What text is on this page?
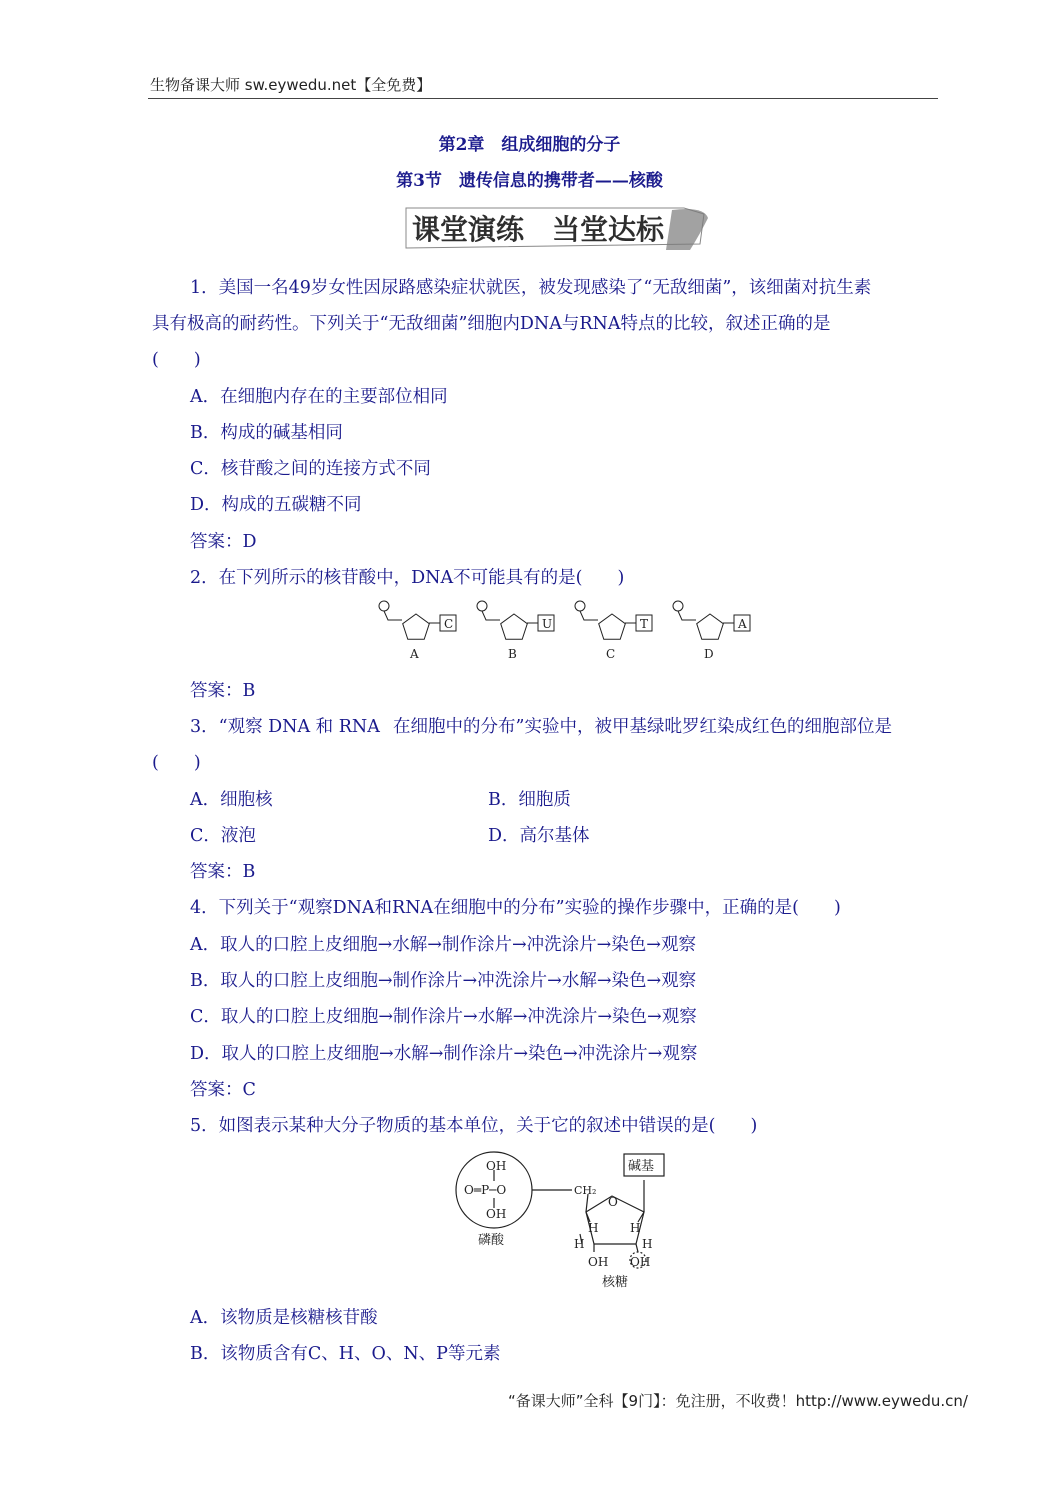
生物备课大师 sw.eywedu.net【全免费】
第2章　组成细胞的分子
第3节　遗传信息的携带者——核酸
课堂演练　当堂达标
1．美国一名49岁女性因尿路感染症状就医，被发现感染了“无敌细菌”，该细菌对抗生素
具有极高的耐药性。下列关于“无敌细菌”细胞内DNA与RNA特点的比较，叙述正确的是
(　　)
A．在细胞内存在的主要部位相同
B．构成的碱基相同
C．核苷酸之间的连接方式不同
D．构成的五碳糖不同
答案：D
2．在下列所示的核苷酸中，DNA不可能具有的是(　　)
C
A
U
B
T
C
A
D
答案：B
3．“观察 DNA 和 RNA 在细胞中的分布”实验中，被甲基绿吡罗红染成红色的细胞部位是
(　　)
A．细胞核	B．细胞质
C．液泡	D．高尔基体
答案：B
4．下列关于“观察DNA和RNA在细胞中的分布”实验的操作步骤中，正确的是(　　)
A．取人的口腔上皮细胞→水解→制作涂片→冲洗涂片→染色→观察
B．取人的口腔上皮细胞→制作涂片→冲洗涂片→水解→染色→观察
C．取人的口腔上皮细胞→制作涂片→水解→冲洗涂片→染色→观察
D．取人的口腔上皮细胞→水解→制作涂片→染色→冲洗涂片→观察
答案：C
5．如图表示某种大分子物质的基本单位，关于它的叙述中错误的是(　　)
OH
O═P─O
OH
磷酸
碱基
CH₂
O
H	H
H	H
OH OH
核糖
A．该物质是核糖核苷酸
B．该物质含有C、H、O、N、P等元素
“备课大师”全科【9门】：免注册，不收费！http://www.eywedu.cn/
